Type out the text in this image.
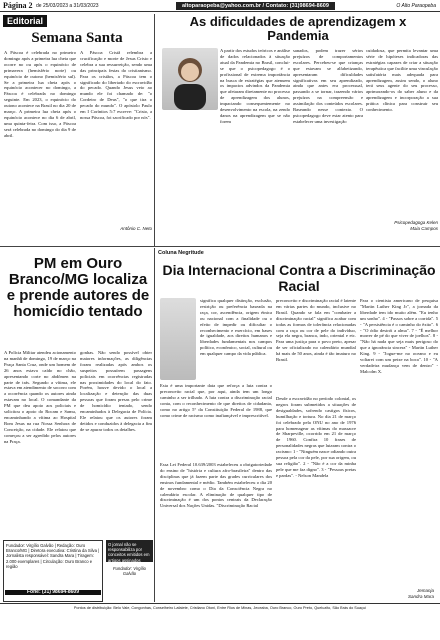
Página 2 de 25/03/2023 a 31/03/2023	altoparaopeba@yahoo.com.br / Contato: (31)98694-8609	O Alto Paraopeba
Editorial
Semana Santa
A Páscoa é celebrada no primeiro domingo após a primeira lua cheia que ocorre no ou após o equinócio de primavera (hemisfério norte) ou equinócio de outono (hemisfério sul). Se a primeira lua cheia após o equinócio acontecer no domingo, a Páscoa é celebrada no domingo seguinte. Em 2023, o equinócio do outono acontece na Brasil no dia 20 de março. A primeira lua cheia após o equinócio acontece no dia 6 de abril, uma quinta-feira. Com isso, a Páscoa será celebrada no domingo do dia 9 de abril.
A Páscoa Cristã relembra a crucificação e morte de Jesus Cristo e celebra a sua ressurreição, sendo uma das principais festas do cristianismo. Para os cristãos, a Páscoa tem o significado do libertado do escravidão do pecado. Quando Jesus veio ao mundo ele foi chamado de: "o Cordeiro de Deus", "o que tira o pecado do mundo". O apóstolo Paulo em I Coríntios 5:7 escreve: "Cristo, a nossa Páscoa, foi sacrificado por nós".
Antônio C. Neto
As dificuldades de aprendizagem x Pandemia
A partir dos estudos teóricos e análise de dados relacionados à situação atual da Pandemia no Brasil, conclui-se que o psicopedagogo é o profissional de extrema importância na busca de estratégias que atenuem os impactos advindos da Pandemia que afetaram diretamente no processo de aprendizagem dos alunos, impactando consequentemente no desenvolvimento na escola, na​ zendo danos na aprendizagem que se não forem
sanados, podem trazer sérios prejuízos de comportamentos escolares. Percebeu-se que crianças que estavam se alfabetizando, apresentaram dificuldades significativas em seu aprendizado, ainda que antes era processual, passando a se tornar, trazendo vários prejuízos na compreensão e assimilação dos conteúdos escolares. Baseando nesse contexto. O psicopedagogo deve estar atento para estabelecer uma investigação
cuidadosa, que permita levantar uma série de hipóteses indicadoras das estratégias capazes de criar a situação terapêutica que facilite uma vinculação satisfatória mais adequada para aprendizagem, assim sendo, o aluno terá seus agente do seu processo, aprimorando-os do saber aluno e da aprendizagem e incorporação a sua prática clínica para construir seu conhecimento.
Psicopedagoga Kelen
Maia Campos
PM em Ouro Branco/MG localiza e prende autores de homicídio tentado
A Polícia Militar atendeu acionamento na manhã de domingo, 19 de março na Praça Santa Cruz, onde um homem de 26 anos estava caído no chão, apresentando corte no abdômen na parte de trás. Segundo a vítima, ele estava em atendimento de socorro com a ocorrência quando os autores ainda estavam no local. O comandante da PM que deu apoio aos policiais e solicitou o apoio do Rocam e Samu, encaminhando a vítima ao Hospital Bom Jesus na rua Nossa Senhora de Conceição, na cidade. Ele relatou que começou a ser agredido pelos autores na Praça.
gonhas. Não sendo possível obter maiores informações, as diligências foram realizadas após ambos os suspeitos possuírem passagens policiais em ocorrências registradas nas proximidades do local do fato. Porém, houve devido o local a localização e detenção das duas pessoas que foram presas pelo crime de homicídio tentado, sendo encaminhados à Delegacia de Polícia. Ele relatou que os autores foram detidos e conduzidos à delegacia a fim de se apurar todos os detalhes.
Coluna Negritude
Dia Internacional Contra a Discriminação Racial
significa qualquer distinção, exclusão, restrição ou preferência baseada na raça, cor, ascendência, origem étnica ou nacional com a finalidade ou o efeito de impedir ou dificultar o reconhecimento e exercício, em bases de igualdade, aos direitos humanos e liberdades fundamentais nos campos político, econômico, social, cultural ou em qualquer campo da vida pública.
Esta é uma importante data que reforça a luta contra o preconceito racial que, por aqui, ainda tem um longo caminho a ser trilhado. A luta contra a discriminação racial conta, com o reconhecimento de que direitos de cidadania, como no artigo 5° da Constituição Federal de 1988, que como crime de racismo como inafiançável e imprescritível.
Essa Lei Federal 10.639/2003 estabeleceu a obrigatoriedade do ensino de "história e cultura afro-brasileira" dentro das disciplinas que já fazem parte das grades curriculares dos ensinos fundamental e médio. Também estabeleceu o dia 20 de novembro como o Dia da Consciência Negra no calendário escolar. A eliminação de qualquer tipo de discriminação é um dos pontos centrais da Declaração Universal dos Nações Unidas. "Discriminação Racial
preconceito e discriminação racial é latente em várias partes do mundo, inclusive no Brasil. Quando se fala em "combater a discriminação racial" significa acabar com todas as formas de tolerância relacionadas com a raça ou cor de pele do indivíduo, seja ela negra, branca, indo, oriental e etc. Para uma justiça para o povo preto, apesar de ser oficializado no calendário mundial há mais de 50 anos, ainda é tão imaturo no Brasil.
Desde a escravidão no período colonial, os negros foram submetidos a situações de desigualdades, sofrendo castigos físicos, humilhação e tortura. No dia 21 de março foi celebrado pela ONU no ano de 1976 para homenagear as vítimas do massacre de Sharpeville, ocorrido em 21 de março de 1960. Confira 10 frases de personalidades negras que lutaram contra o racismo: 1 - "Ninguém nasce odiando outra pessoa pela cor da pele, por sua origem, ou sua religião". 2 - "Não é a cor da minha pele que me faz digno". 3 - "Pessoas pretas e pardas". - Nelson Mandela
Para o cientista americano de pesquisa "Martin Luther King Jr", a jornada da liberdade tem ido muito além. "Eu tenho um sonho". 4 - "Passos sobre a corrida". 5 - "A persistência é o caminho do êxito". 6 - "O ódio destrói a alma". 7 - "É melhor morrer de pé do que viver de joelhos". 8 - "Não há nada que seja mais perigoso do que a ignorância sincera" - Martin Luther King. 9 - "Jogue-me no oceano e eu voltarei com um peixe na boca". 10 - "A verdadeira mudança vem de dentro" - Malcolm X.
Jemanja
Sandra Mara
Fundador: Virgílio Galvão | Redação: Ouro Branco/MG | Diretora executiva: Cristina da Silva | Jornalista responsável: Sandra Mara | Tiragem: 2.000 exemplares | Circulação: Ouro Branco e região
O jornal não se responsabiliza por conceitos emitidos em artigos assinados
Fundador: Virgílio Galvão
Fone: (31) 98694-8609
Pontos de distribuição: Belo Vale, Congonhas, Conselheiro Lafaiete, Cristiano Otoni, Entre Rios de Minas, Jeceaba, Ouro Branco, Ouro Preto, Queluzito, São Brás do Suaçuí
